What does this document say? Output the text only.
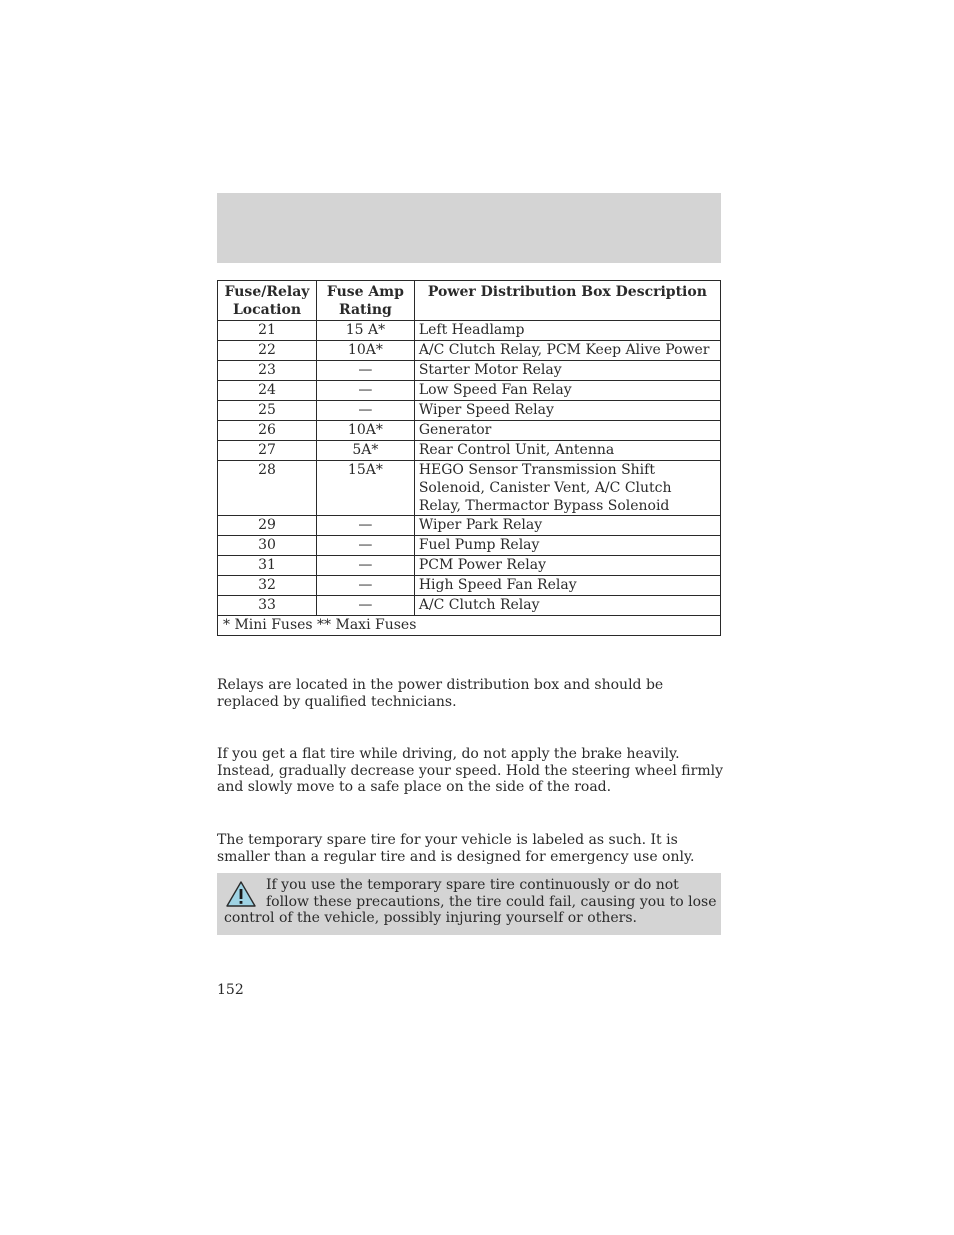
Fuse/Relay Location	Fuse Amp Rating	Power Distribution Box Description
21	15 A*	Left Headlamp
22	10A*	A/C Clutch Relay, PCM Keep Alive Power
23	—	Starter Motor Relay
24	—	Low Speed Fan Relay
25	—	Wiper Speed Relay
26	10A*	Generator
27	5A*	Rear Control Unit, Antenna
28	15A*	HEGO Sensor Transmission Shift Solenoid, Canister Vent, A/C Clutch Relay, Thermactor Bypass Solenoid
29	—	Wiper Park Relay
30	—	Fuel Pump Relay
31	—	PCM Power Relay
32	—	High Speed Fan Relay
33	—	A/C Clutch Relay
* Mini Fuses ** Maxi Fuses		
Relays are located in the power distribution box and should be replaced by qualified technicians.
If you get a flat tire while driving, do not apply the brake heavily. Instead, gradually decrease your speed. Hold the steering wheel firmly and slowly move to a safe place on the side of the road.
The temporary spare tire for your vehicle is labeled as such. It is smaller than a regular tire and is designed for emergency use only.
If you use the temporary spare tire continuously or do not follow these precautions, the tire could fail, causing you to lose control of the vehicle, possibly injuring yourself or others.
152
